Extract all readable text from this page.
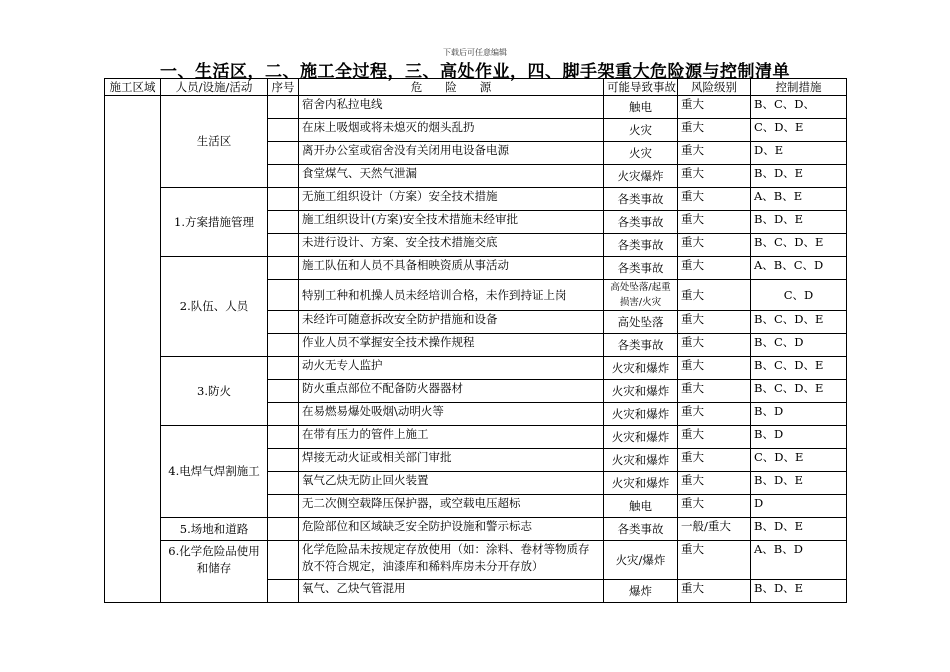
下载后可任意编辑
一、生活区，二、施工全过程，三、高处作业，四、脚手架重大危险源与控制清单
施工区域	人员/设施/活动	序号	危　　险　　源	可能导致事故	风险级别	控制措施
	生活区		宿舍内私拉电线	触电	重大	B、C、D、
			在床上吸烟或将未熄灭的烟头乱扔	火灾	重大	C、D、E
			离开办公室或宿舍没有关闭用电设备电源	火灾	重大	D、E
			食堂煤气、天然气泄漏	火灾爆炸	重大	B、D、E
	1.方案措施管理		无施工组织设计（方案）安全技术措施	各类事故	重大	A、B、E
			施工组织设计(方案)安全技术措施未经审批	各类事故	重大	B、D、E
			未进行设计、方案、安全技术措施交底	各类事故	重大	B、C、D、E
	2.队伍、人员		施工队伍和人员不具备相映资质从事活动	各类事故	重大	A、B、C、D
			特别工种和机操人员未经培训合格，未作到持证上岗	高处坠落/起重损害/火灾	重大	C、D
			未经许可随意拆改安全防护措施和设备	高处坠落	重大	B、C、D、E
			作业人员不掌握安全技术操作规程	各类事故	重大	B、C、D
	3.防火		动火无专人监护	火灾和爆炸	重大	B、C、D、E
			防火重点部位不配备防火器器材	火灾和爆炸	重大	B、C、D、E
			在易燃易爆处吸烟\动明火等	火灾和爆炸	重大	B、D
	4.电焊气焊割施工		在带有压力的管件上施工	火灾和爆炸	重大	B、D
			焊接无动火证或相关部门审批	火灾和爆炸	重大	C、D、E
			氧气乙炔无防止回火装置	火灾和爆炸	重大	B、D、E
			无二次侧空载降压保护器，或空载电压超标	触电	重大	D
	5.场地和道路		危险部位和区域缺乏安全防护设施和警示标志	各类事故	一般/重大	B、D、E
	6.化学危险品使用和储存		化学危险品未按规定存放使用（如：涂料、卷材等物质存放不符合规定，油漆库和稀料库房未分开存放）	火灾/爆炸	重大	A、B、D
			氧气、乙炔气管混用	爆炸	重大	B、D、E
